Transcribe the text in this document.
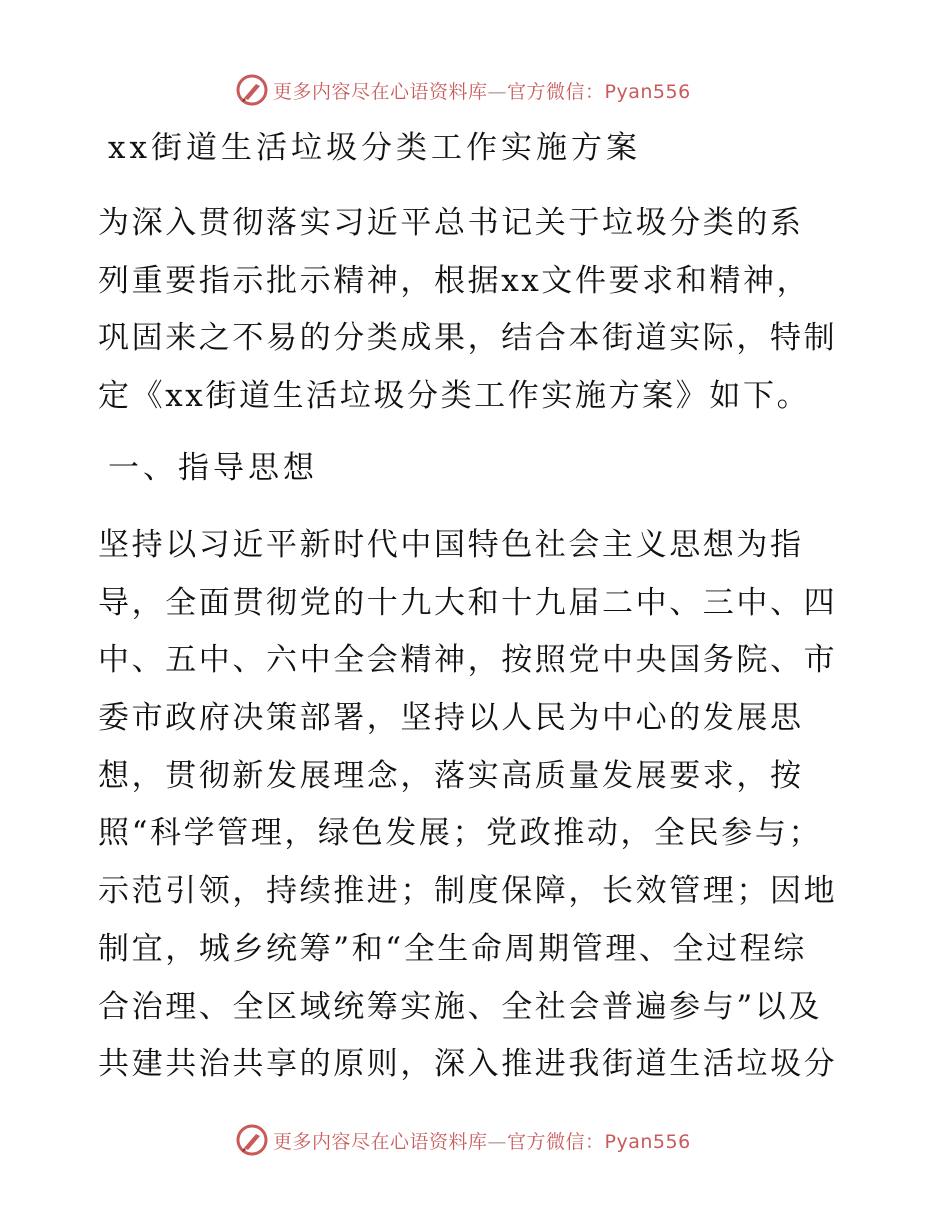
更多内容尽在心语资料库—官方微信：Pyan556
xx街道生活垃圾分类工作实施方案
为深入贯彻落实习近平总书记关于垃圾分类的系
列重要指示批示精神，根据xx文件要求和精神，
巩固来之不易的分类成果，结合本街道实际，特制
定《xx街道生活垃圾分类工作实施方案》如下。
一、指导思想
坚持以习近平新时代中国特色社会主义思想为指
导，全面贯彻党的十九大和十九届二中、三中、四
中、五中、六中全会精神，按照党中央国务院、市
委市政府决策部署，坚持以人民为中心的发展思
想，贯彻新发展理念，落实高质量发展要求，按
照“科学管理，绿色发展；党政推动，全民参与；
示范引领，持续推进；制度保障，长效管理；因地
制宜，城乡统筹”和“全生命周期管理、全过程综
合治理、全区域统筹实施、全社会普遍参与”以及
共建共治共享的原则，深入推进我街道生活垃圾分
更多内容尽在心语资料库—官方微信：Pyan556
